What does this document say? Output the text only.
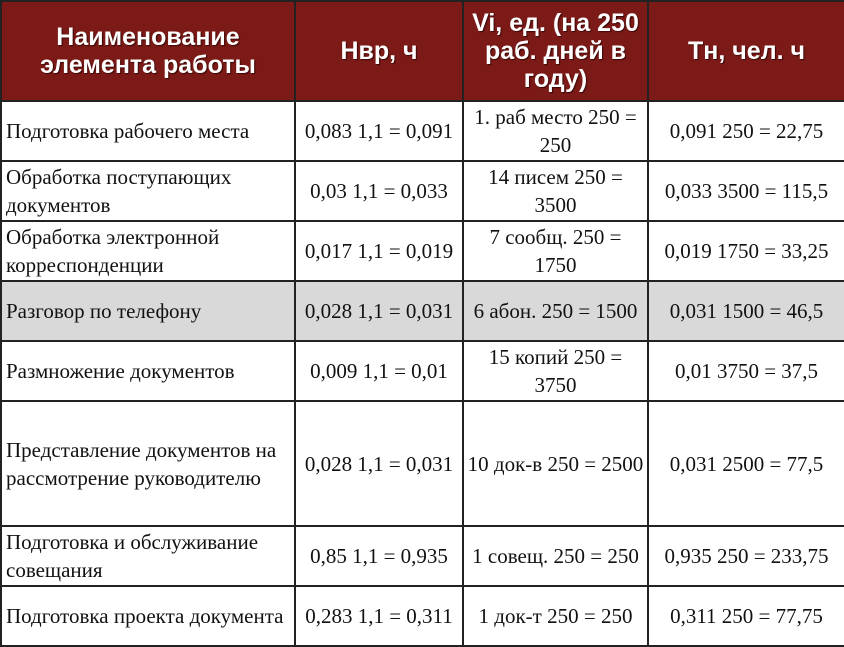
Наименование элемента работы	Нвр, ч	Vi, ед. (на 250 раб. дней в году)	Тн, чел. ч
Подготовка рабочего места	0,083 1,1 = 0,091	1. раб место 250 = 250	0,091 250 = 22,75
Обработка поступающих документов	0,03 1,1 = 0,033	14 писем 250 = 3500	0,033 3500 = 115,5
Обработка электронной корреспонденции	0,017 1,1 = 0,019	7 сообщ. 250 = 1750	0,019 1750 = 33,25
Разговор по телефону	0,028 1,1 = 0,031	6 абон. 250 = 1500	0,031 1500 = 46,5
Размножение документов	0,009 1,1 = 0,01	15 копий 250 = 3750	0,01 3750 = 37,5
Представление документов на рассмотрение руководителю	0,028 1,1 = 0,031	10 док-в 250 = 2500	0,031 2500 = 77,5
Подготовка и обслуживание совещания	0,85 1,1 = 0,935	1 совещ. 250 = 250	0,935 250 = 233,75
Подготовка проекта документа	0,283 1,1 = 0,311	1 док-т 250 = 250	0,311 250 = 77,75
